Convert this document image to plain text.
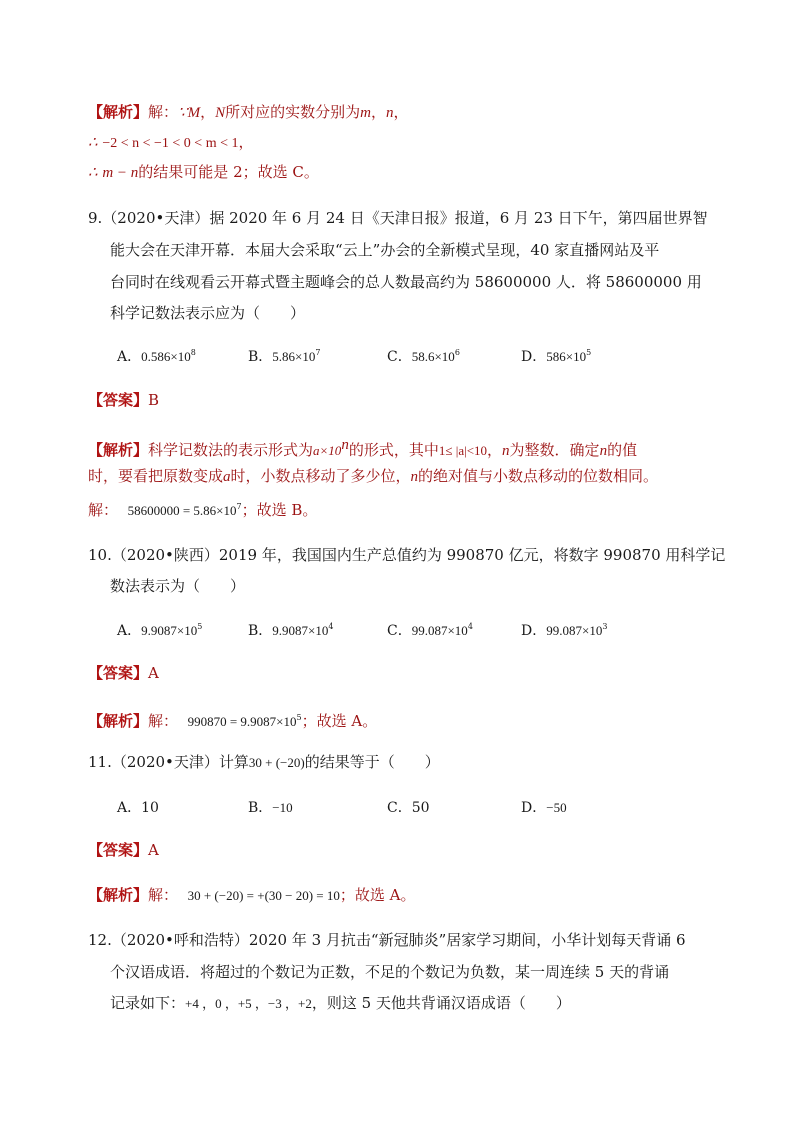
【解析】解：∵M，N所对应的实数分别为m，n，
∴ −2 < n < −1 < 0 < m < 1，
∴ m − n的结果可能是 2；故选 C。
9.（2020•天津）据 2020 年 6 月 24 日《天津日报》报道，6 月 23 日下午，第四届世界智
能大会在天津开幕．本届大会采取“云上”办会的全新模式呈现，40 家直播网站及平
台同时在线观看云开幕式暨主题峰会的总人数最高约为 58600000 人．将 58600000 用
科学记数法表示应为（　　）
A．$0.586\times 10^8$	B．$5.86\times 10^7$	C．$58.6\times 10^6$	D．$586\times 10^5$
【答案】B
【解析】科学记数法的表示形式为$a\times 10^n$的形式，其中1≤ |a|<10，n为整数．确定n的值
时，要看把原数变成a时，小数点移动了多少位，n的绝对值与小数点移动的位数相同。
解： $58600000 = 5.86\times 10^7$；故选 B。
10.（2020•陕西）2019 年，我国国内生产总值约为 990870 亿元，将数字 990870 用科学记
数法表示为（　　）
A．$9.9087\times 10^5$	B．$9.9087\times 10^4$	C．$99.087\times 10^4$	D．$99.087\times 10^3$
【答案】A
【解析】解： $990870 = 9.9087\times 10^5$；故选 A。
11.（2020•天津）计算30 + (−20)的结果等于（　　）
A．10	B．−10	C．50	D．−50
【答案】A
【解析】解： 30 + (−20) = +(30 − 20) = 10；故选 A。
12.（2020•呼和浩特）2020 年 3 月抗击“新冠肺炎”居家学习期间，小华计划每天背诵 6
个汉语成语．将超过的个数记为正数，不足的个数记为负数，某一周连续 5 天的背诵
记录如下：+4 ，0 ，+5 ，−3 ，+2，则这 5 天他共背诵汉语成语（　　）
